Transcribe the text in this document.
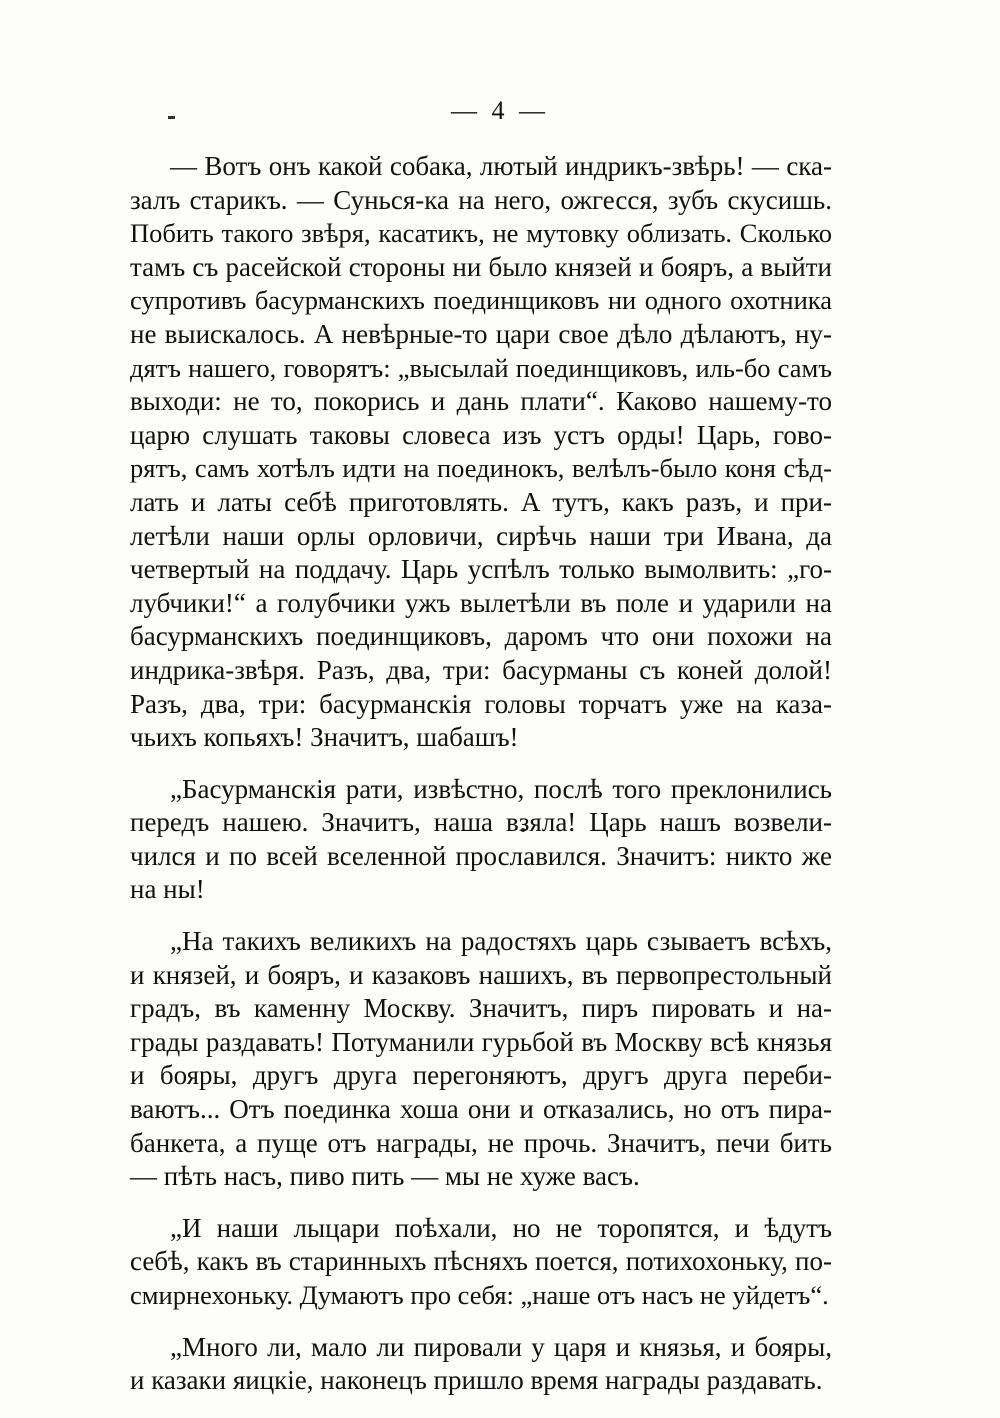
— 4 —
— Вотъ онъ какой собака, лютый индрикъ-звѣрь! — ска-
залъ старикъ. — Сунься-ка на него, ожгесся, зубъ скусишь.
Побить такого звѣря, касатикъ, не мутовку облизать. Сколько
тамъ съ расейской стороны ни было князей и бояръ, а выйти
супротивъ басурманскихъ поединщиковъ ни одного охотника
не выискалось. А невѣрные-то цари свое дѣло дѣлаютъ, ну-
дятъ нашего, говорятъ: „высылай поединщиковъ, иль-бо самъ
выходи: не то, покорись и дань плати“. Каково нашему-то
царю слушать таковы словеса изъ устъ орды! Царь, гово-
рятъ, самъ хотѣлъ идти на поединокъ, велѣлъ-было коня сѣд-
лать и латы себѣ приготовлять. А тутъ, какъ разъ, и при-
летѣли наши орлы орловичи, сирѣчь наши три Ивана, да
четвертый на поддачу. Царь успѣлъ только вымолвить: „го-
лубчики!“ а голубчики ужъ вылетѣли въ поле и ударили на
басурманскихъ поединщиковъ, даромъ что они похожи на
индрика-звѣря. Разъ, два, три: басурманы съ коней долой!
Разъ, два, три: басурманскія головы торчатъ уже на каза-
чьихъ копьяхъ! Значитъ, шабашъ!
„Басурманскія рати, извѣстно, послѣ того преклонились
передъ нашею. Значитъ, наша взяла! Царь нашъ возвели-
чился и по всей вселенной прославился. Значитъ: никто же
на ны!
„На такихъ великихъ на радостяхъ царь сзываетъ всѣхъ,
и князей, и бояръ, и казаковъ нашихъ, въ первопрестольный
градъ, въ каменну Москву. Значитъ, пиръ пировать и на-
грады раздавать! Потуманили гурьбой въ Москву всѣ князья
и бояры, другъ друга перегоняютъ, другъ друга переби-
ваютъ... Отъ поединка хоша они и отказались, но отъ пира-
банкета, а пуще отъ награды, не прочь. Значитъ, печи бить
— пѣть насъ, пиво пить — мы не хуже васъ.
„И наши лыцари поѣхали, но не торопятся, и ѣдутъ
себѣ, какъ въ старинныхъ пѣсняхъ поется, потихохоньку, по-
смирнехоньку. Думаютъ про себя: „наше отъ насъ не уйдетъ“.
„Много ли, мало ли пировали у царя и князья, и бояры,
и казаки яицкіе, наконецъ пришло время награды раздавать.
